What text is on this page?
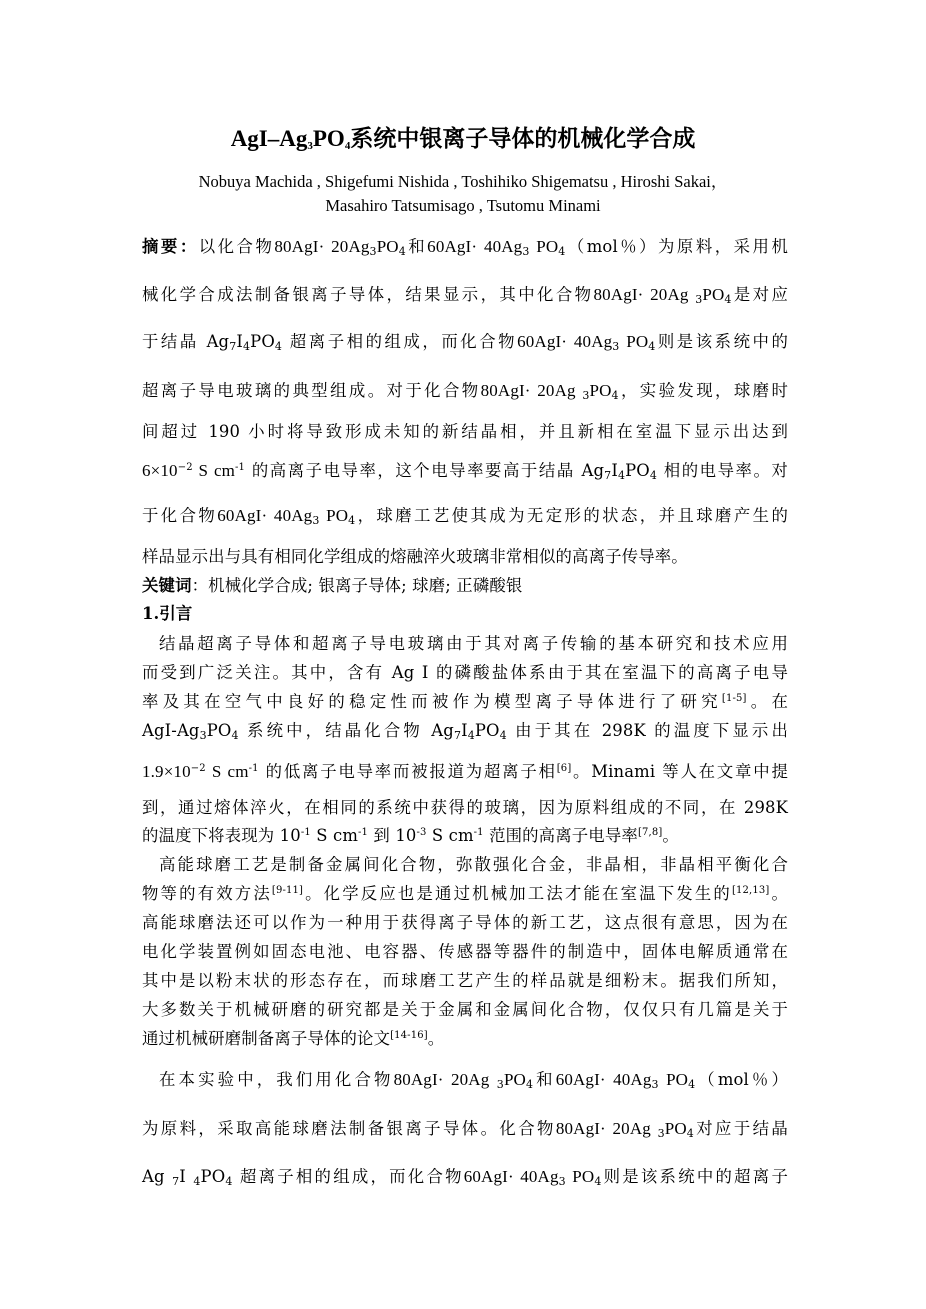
AgI–$Ag_3PO_4$系统中银离子导体的机械化学合成
Nobuya Machida , Shigefumi Nishida , Toshihiko Shigematsu , Hiroshi Sakai，
Masahiro Tatsumisago , Tsutomu Minami
摘要：以化合物$80AgI\cdot 20Ag_3PO_4$和$60AgI\cdot 40Ag_3$ $PO_4(mol$％）为原料，采用机
械化学合成法制备银离子导体，结果显示，其中化合物80AgI· 20Ag $_3PO_4$是对应
于结晶 $Ag_7I_4PO_4$ 超离子相的组成，而化合物$60AgI\cdot 40Ag_3$ $PO_4$则是该系统中的
超离子导电玻璃的典型组成。对于化合物80AgI· 20Ag $_3PO_4$，实验发现，球磨时
间超过 190 小时将导致形成未知的新结晶相，并且新相在室温下显示出达到
$6\times 10^{-2}$ S $cm^{-1}$ 的高离子电导率，这个电导率要高于结晶 $Ag_7I_4PO_4$ 相的电导率。对
于化合物$60AgI\cdot 40Ag_3$ $PO_4$，球磨工艺使其成为无定形的状态，并且球磨产生的
样品显示出与具有相同化学组成的熔融淬火玻璃非常相似的高离子传导率。
关键词：机械化学合成; 银离子导体; 球磨; 正磷酸银
1.引言
结晶超离子导体和超离子导电玻璃由于其对离子传输的基本研究和技术应用
而受到广泛关注。其中，含有 Ag I 的磷酸盐体系由于其在室温下的高离子电导
率及其在空气中良好的稳定性而被作为模型离子导体进行了研究[1-5]。在
AgI-$Ag_3PO_4$ 系统中，结晶化合物 $Ag_7I_4PO_4$ 由于其在 298K 的温度下显示出
$1.9\times 10^{-2}$ S $cm^{-1}$ 的低离子电导率而被报道为超离子相[6]。Minami 等人在文章中提
到，通过熔体淬火，在相同的系统中获得的玻璃，因为原料组成的不同，在 298K
的温度下将表现为 $10^{-1}$ S $cm^{-1}$ 到 $10^{-3}$ S $cm^{-1}$ 范围的高离子电导率[7,8]。
高能球磨工艺是制备金属间化合物，弥散强化合金，非晶相，非晶相平衡化合
物等的有效方法[9-11]。化学反应也是通过机械加工法才能在室温下发生的[12,13]。
高能球磨法还可以作为一种用于获得离子导体的新工艺，这点很有意思，因为在
电化学装置例如固态电池、电容器、传感器等器件的制造中，固体电解质通常在
其中是以粉末状的形态存在，而球磨工艺产生的样品就是细粉末。据我们所知，
大多数关于机械研磨的研究都是关于金属和金属间化合物，仅仅只有几篇是关于
通过机械研磨制备离子导体的论文[14-16]。
在本实验中，我们用化合物80AgI· 20Ag $_3PO_4$和$60AgI\cdot 40Ag_3$ $PO_4(mol$％）
为原料，采取高能球磨法制备银离子导体。化合物80AgI· 20Ag $_3PO_4$对应于结晶
Ag $_7$I $_4PO_4$ 超离子相的组成，而化合物$60AgI\cdot 40Ag_3$ $PO_4$则是该系统中的超离子
